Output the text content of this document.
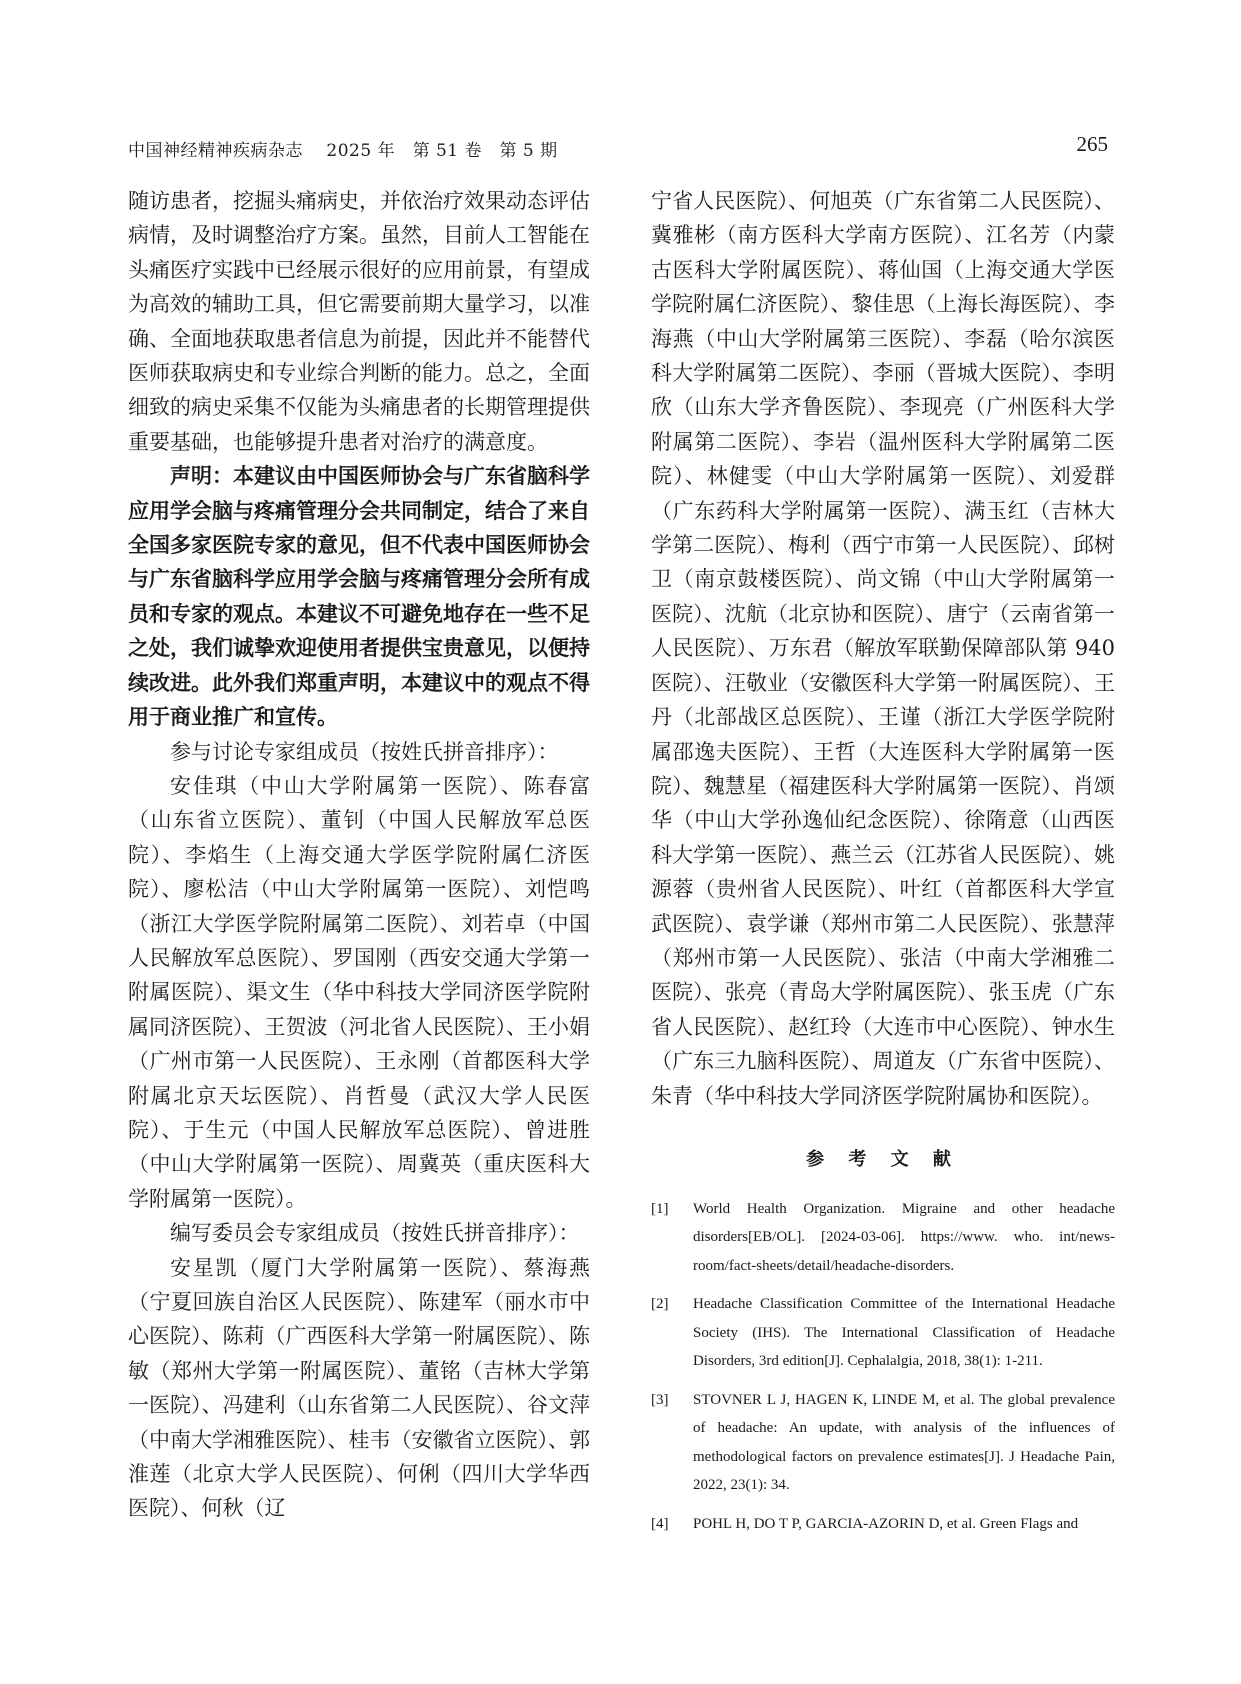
中国神经精神疾病杂志　 2025 年　第 51 卷　第 5 期	265

随访患者，挖掘头痛病史，并依治疗效果动态评估病情，及时调整治疗方案。虽然，目前人工智能在头痛医疗实践中已经展示很好的应用前景，有望成为高效的辅助工具，但它需要前期大量学习，以准确、全面地获取患者信息为前提，因此并不能替代医师获取病史和专业综合判断的能力。总之，全面细致的病史采集不仅能为头痛患者的长期管理提供重要基础，也能够提升患者对治疗的满意度。

声明：本建议由中国医师协会与广东省脑科学应用学会脑与疼痛管理分会共同制定，结合了来自全国多家医院专家的意见，但不代表中国医师协会与广东省脑科学应用学会脑与疼痛管理分会所有成员和专家的观点。本建议不可避免地存在一些不足之处，我们诚挚欢迎使用者提供宝贵意见，以便持续改进。此外我们郑重声明，本建议中的观点不得用于商业推广和宣传。

参与讨论专家组成员（按姓氏拼音排序）：

安佳琪（中山大学附属第一医院）、陈春富（山东省立医院）、董钊（中国人民解放军总医院）、李焰生（上海交通大学医学院附属仁济医院）、廖松洁（中山大学附属第一医院）、刘恺鸣（浙江大学医学院附属第二医院）、刘若卓（中国人民解放军总医院）、罗国刚（西安交通大学第一附属医院）、渠文生（华中科技大学同济医学院附属同济医院）、王贺波（河北省人民医院）、王小娟（广州市第一人民医院）、王永刚（首都医科大学附属北京天坛医院）、肖哲曼（武汉大学人民医院）、于生元（中国人民解放军总医院）、曾进胜（中山大学附属第一医院）、周冀英（重庆医科大学附属第一医院）。

编写委员会专家组成员（按姓氏拼音排序）：

安星凯（厦门大学附属第一医院）、蔡海燕（宁夏回族自治区人民医院）、陈建军（丽水市中心医院）、陈莉（广西医科大学第一附属医院）、陈敏（郑州大学第一附属医院）、董铭（吉林大学第一医院）、冯建利（山东省第二人民医院）、谷文萍（中南大学湘雅医院）、桂韦（安徽省立医院）、郭淮莲（北京大学人民医院）、何俐（四川大学华西医院）、何秋（辽

宁省人民医院）、何旭英（广东省第二人民医院）、冀雅彬（南方医科大学南方医院）、江名芳（内蒙古医科大学附属医院）、蒋仙国（上海交通大学医学院附属仁济医院）、黎佳思（上海长海医院）、李海燕（中山大学附属第三医院）、李磊（哈尔滨医科大学附属第二医院）、李丽（晋城大医院）、李明欣（山东大学齐鲁医院）、李现亮（广州医科大学附属第二医院）、李岩（温州医科大学附属第二医院）、林健雯（中山大学附属第一医院）、刘爱群（广东药科大学附属第一医院）、满玉红（吉林大学第二医院）、梅利（西宁市第一人民医院）、邱树卫（南京鼓楼医院）、尚文锦（中山大学附属第一医院）、沈航（北京协和医院）、唐宁（云南省第一人民医院）、万东君（解放军联勤保障部队第 940 医院）、汪敬业（安徽医科大学第一附属医院）、王丹（北部战区总医院）、王谨（浙江大学医学院附属邵逸夫医院）、王哲（大连医科大学附属第一医院）、魏慧星（福建医科大学附属第一医院）、肖颂华（中山大学孙逸仙纪念医院）、徐隋意（山西医科大学第一医院）、燕兰云（江苏省人民医院）、姚源蓉（贵州省人民医院）、叶红（首都医科大学宣武医院）、袁学谦（郑州市第二人民医院）、张慧萍（郑州市第一人民医院）、张洁（中南大学湘雅二医院）、张亮（青岛大学附属医院）、张玉虎（广东省人民医院）、赵红玲（大连市中心医院）、钟水生（广东三九脑科医院）、周道友（广东省中医院）、朱青（华中科技大学同济医学院附属协和医院）。

参 考 文 献
[1] World Health Organization. Migraine and other headache disorders[EB/OL]. [2024-03-06]. https://www. who. int/news-room/fact-sheets/detail/headache-disorders.
[2] Headache Classification Committee of the International Headache Society (IHS). The International Classification of Headache Disorders, 3rd edition[J]. Cephalalgia, 2018, 38(1): 1-211.
[3] STOVNER L J, HAGEN K, LINDE M, et al. The global prevalence of headache: An update, with analysis of the influences of methodological factors on prevalence estimates[J]. J Headache Pain, 2022, 23(1): 34.
[4] POHL H, DO T P, GARCIA-AZORIN D, et al. Green Flags and
